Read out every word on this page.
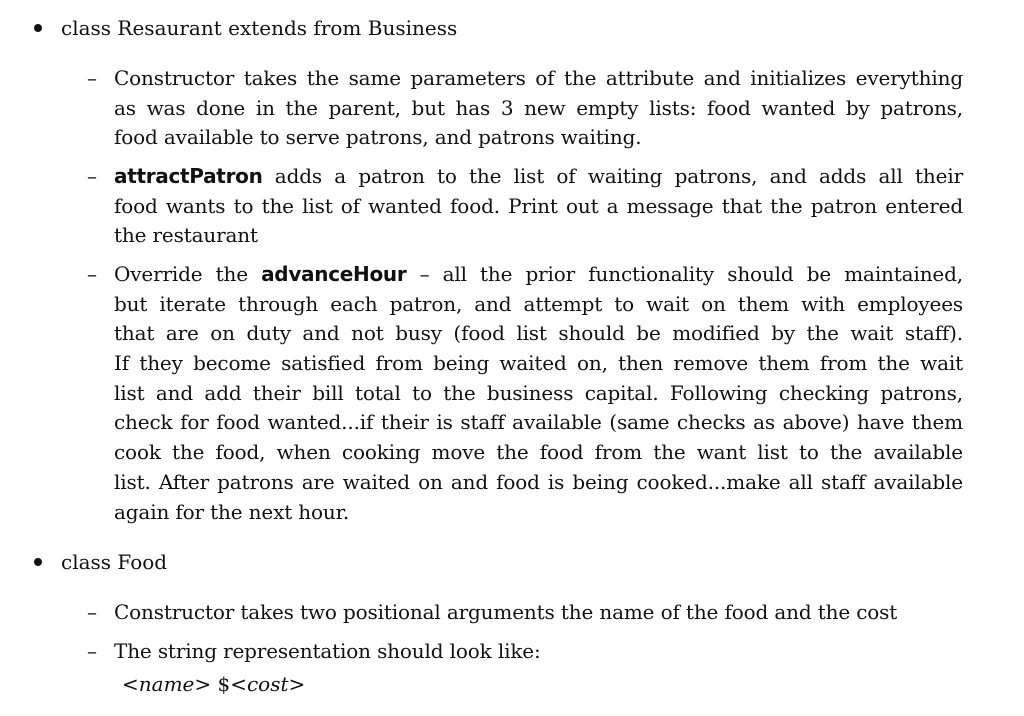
class Resaurant extends from Business
– Constructor takes the same parameters of the attribute and initializes everything
as was done in the parent, but has 3 new empty lists: food wanted by patrons,
food available to serve patrons, and patrons waiting.
– attractPatron adds a patron to the list of waiting patrons, and adds all their
food wants to the list of wanted food. Print out a message that the patron entered
the restaurant
– Override the advanceHour – all the prior functionality should be maintained,
but iterate through each patron, and attempt to wait on them with employees
that are on duty and not busy (food list should be modified by the wait staff).
If they become satisfied from being waited on, then remove them from the wait
list and add their bill total to the business capital. Following checking patrons,
check for food wanted...if their is staff available (same checks as above) have them
cook the food, when cooking move the food from the want list to the available
list. After patrons are waited on and food is being cooked...make all staff available
again for the next hour.
class Food
– Constructor takes two positional arguments the name of the food and the cost
– The string representation should look like:
<name> $<cost>
